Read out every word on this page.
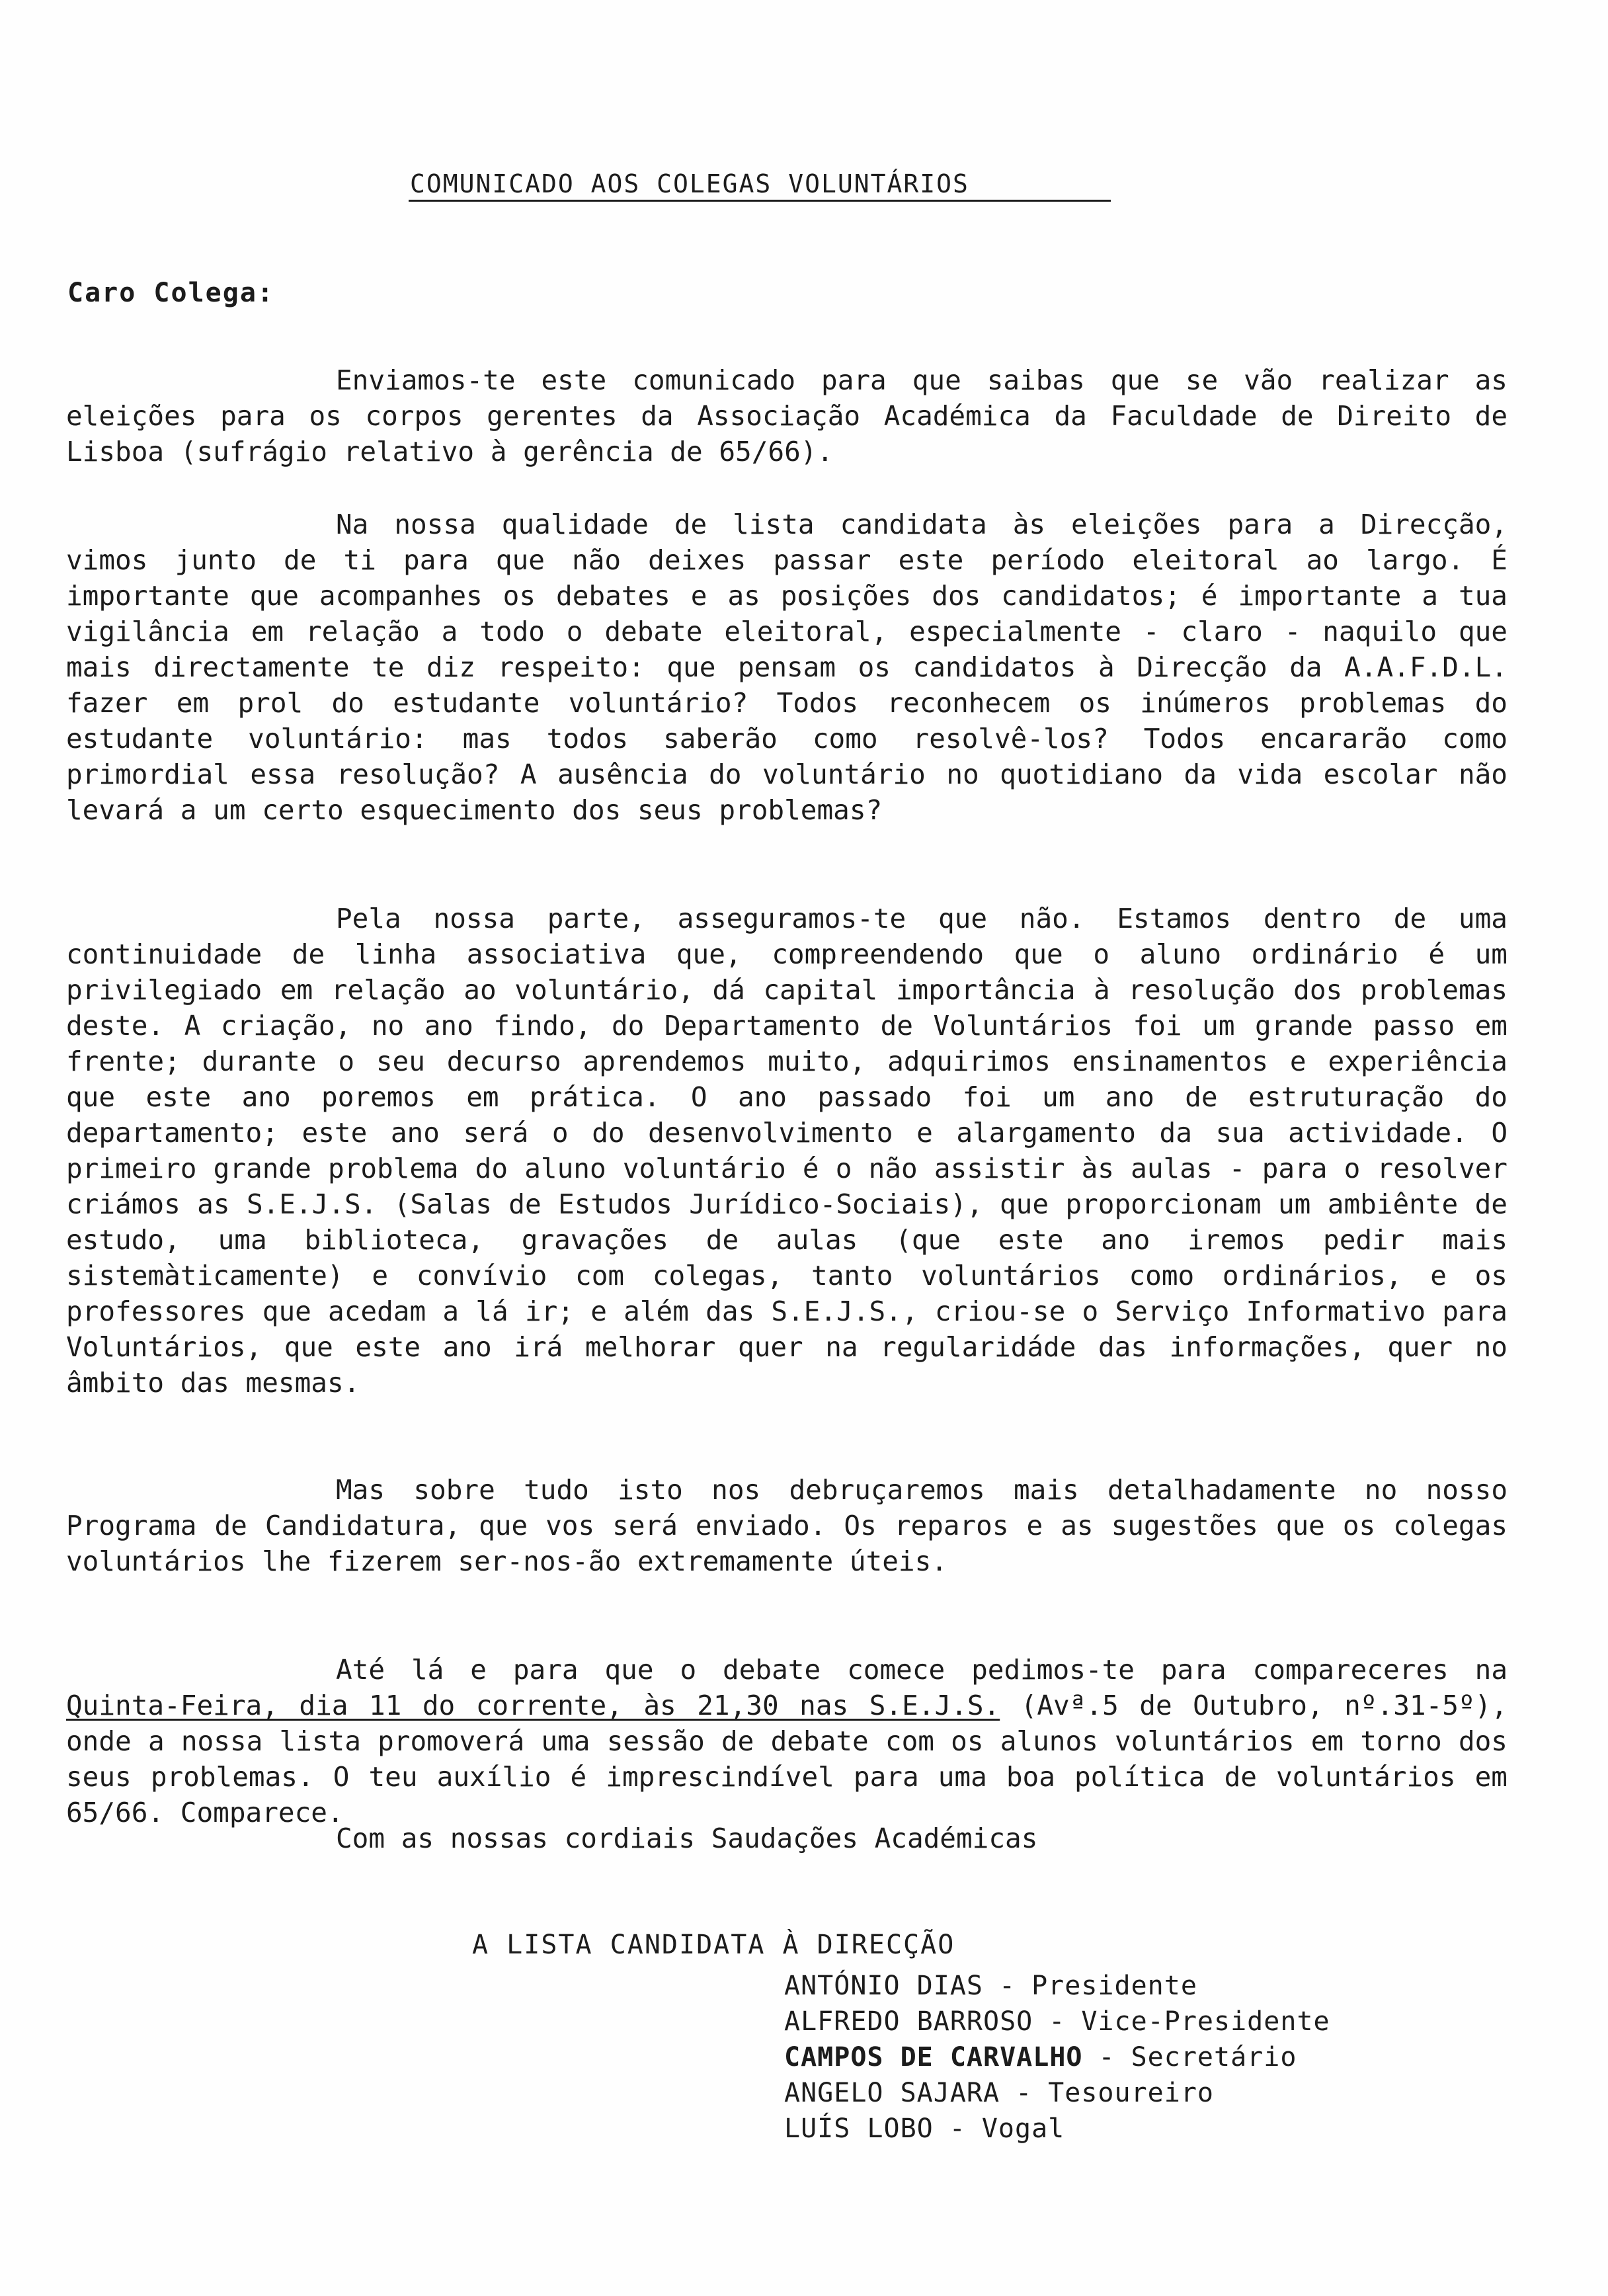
COMUNICADO AOS COLEGAS VOLUNTÁRIOS
Caro Colega:
Enviamos-te este comunicado para que saibas que se vão realizar as eleições para os corpos gerentes da Associação Académica da Faculdade de Direito de Lisboa (sufrágio relativo à gerência de 65/66).
Na nossa qualidade de lista candidata às eleições para a Direcção, vimos junto de ti para que não deixes passar este período eleitoral ao largo. É importante que acompanhes os debates e as posições dos candidatos; é importante a tua vigilância em relação a todo o debate eleitoral, especialmente - claro - naquilo que mais directamente te diz respeito: que pensam os candidatos à Direcção da A.A.F.D.L. fazer em prol do estudante voluntário? Todos reconhecem os inúmeros problemas do estudante voluntário: mas todos saberão como resolvê-los? Todos encararão como primordial essa resolução? A ausência do voluntário no quotidiano da vida escolar não levará a um certo esquecimento dos seus problemas?
Pela nossa parte, asseguramos-te que não. Estamos dentro de uma continuidade de linha associativa que, compreendendo que o aluno ordinário é um privilegiado em relação ao voluntário, dá capital importância à resolução dos problemas deste. A criação, no ano findo, do Departamento de Voluntários foi um grande passo em frente; durante o seu decurso aprendemos muito, adquirimos ensinamentos e experiência que este ano poremos em prática. O ano passado foi um ano de estruturação do departamento; este ano será o do desenvolvimento e alargamento da sua actividade. O primeiro grande problema do aluno voluntário é o não assistir às aulas - para o resolver criámos as S.E.J.S. (Salas de Estudos Jurídico-Sociais), que proporcionam um ambiênte de estudo, uma biblioteca, gravações de aulas (que este ano iremos pedir mais sistemàticamente) e convívio com colegas, tanto voluntários como ordinários, e os professores que acedam a lá ir; e além das S.E.J.S., criou-se o Serviço Informativo para Voluntários, que este ano irá melhorar quer na regularidáde das informações, quer no âmbito das mesmas.
Mas sobre tudo isto nos debruçaremos mais detalhadamente no nosso Programa de Candidatura, que vos será enviado. Os reparos e as sugestões que os colegas voluntários lhe fizerem ser-nos-ão extremamente úteis.
Até lá e para que o debate comece pedimos-te para compareceres na Quinta-Feira, dia 11 do corrente, às 21,30 nas S.E.J.S. (Avª.5 de Outubro, nº.31-5º), onde a nossa lista promoverá uma sessão de debate com os alunos voluntários em torno dos seus problemas. O teu auxílio é imprescindível para uma boa política de voluntários em 65/66. Comparece.
Com as nossas cordiais Saudações Académicas
A LISTA CANDIDATA À DIRECÇÃO
ANTÓNIO DIAS - Presidente
ALFREDO BARROSO - Vice-Presidente
CAMPOS DE CARVALHO - Secretário
ANGELO SAJARA - Tesoureiro
LUÍS LOBO - Vogal
